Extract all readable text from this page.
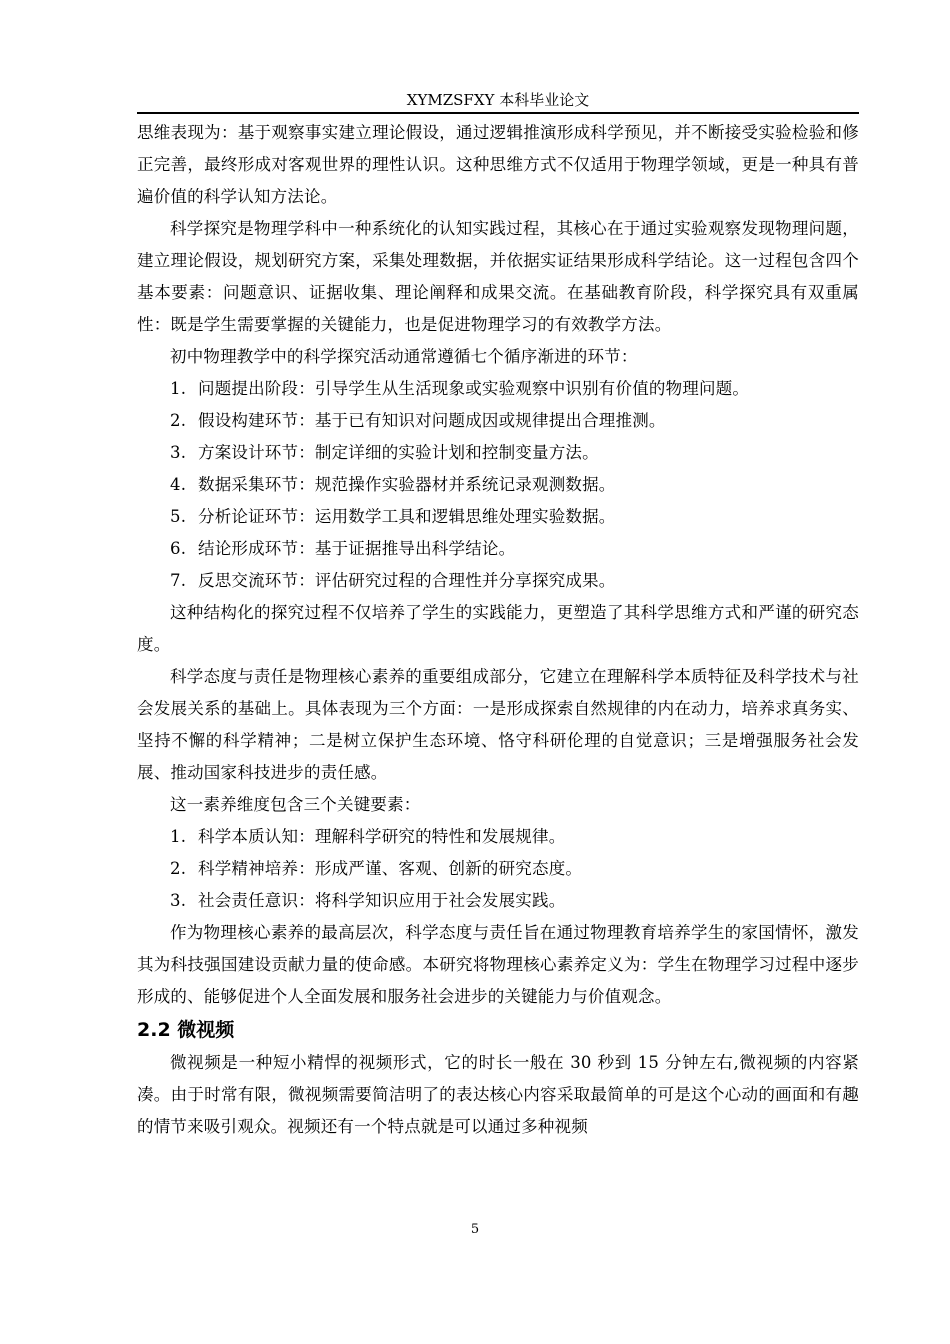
XYMZSFXY 本科毕业论文

思维表现为：基于观察事实建立理论假设，通过逻辑推演形成科学预见，并不断接受实验检验和修正完善，最终形成对客观世界的理性认识。这种思维方式不仅适用于物理学领域，更是一种具有普遍价值的科学认知方法论。

科学探究是物理学科中一种系统化的认知实践过程，其核心在于通过实验观察发现物理问题，建立理论假设，规划研究方案，采集处理数据，并依据实证结果形成科学结论。这一过程包含四个基本要素：问题意识、证据收集、理论阐释和成果交流。在基础教育阶段，科学探究具有双重属性：既是学生需要掌握的关键能力，也是促进物理学习的有效教学方法。

初中物理教学中的科学探究活动通常遵循七个循序渐进的环节：

1. 问题提出阶段：引导学生从生活现象或实验观察中识别有价值的物理问题。

2. 假设构建环节：基于已有知识对问题成因或规律提出合理推测。

3. 方案设计环节：制定详细的实验计划和控制变量方法。

4. 数据采集环节：规范操作实验器材并系统记录观测数据。

5. 分析论证环节：运用数学工具和逻辑思维处理实验数据。

6. 结论形成环节：基于证据推导出科学结论。

7. 反思交流环节：评估研究过程的合理性并分享探究成果。

这种结构化的探究过程不仅培养了学生的实践能力，更塑造了其科学思维方式和严谨的研究态度。

科学态度与责任是物理核心素养的重要组成部分，它建立在理解科学本质特征及科学技术与社会发展关系的基础上。具体表现为三个方面：一是形成探索自然规律的内在动力，培养求真务实、坚持不懈的科学精神；二是树立保护生态环境、恪守科研伦理的自觉意识；三是增强服务社会发展、推动国家科技进步的责任感。

这一素养维度包含三个关键要素：

1. 科学本质认知：理解科学研究的特性和发展规律。

2. 科学精神培养：形成严谨、客观、创新的研究态度。

3. 社会责任意识：将科学知识应用于社会发展实践。

作为物理核心素养的最高层次，科学态度与责任旨在通过物理教育培养学生的家国情怀，激发其为科技强国建设贡献力量的使命感。本研究将物理核心素养定义为：学生在物理学习过程中逐步形成的、能够促进个人全面发展和服务社会进步的关键能力与价值观念。

2.2 微视频

微视频是一种短小精悍的视频形式，它的时长一般在 30 秒到 15 分钟左右,微视频的内容紧凑。由于时常有限，微视频需要简洁明了的表达核心内容采取最简单的可是这个心动的画面和有趣的情节来吸引观众。视频还有一个特点就是可以通过多种视频

5
